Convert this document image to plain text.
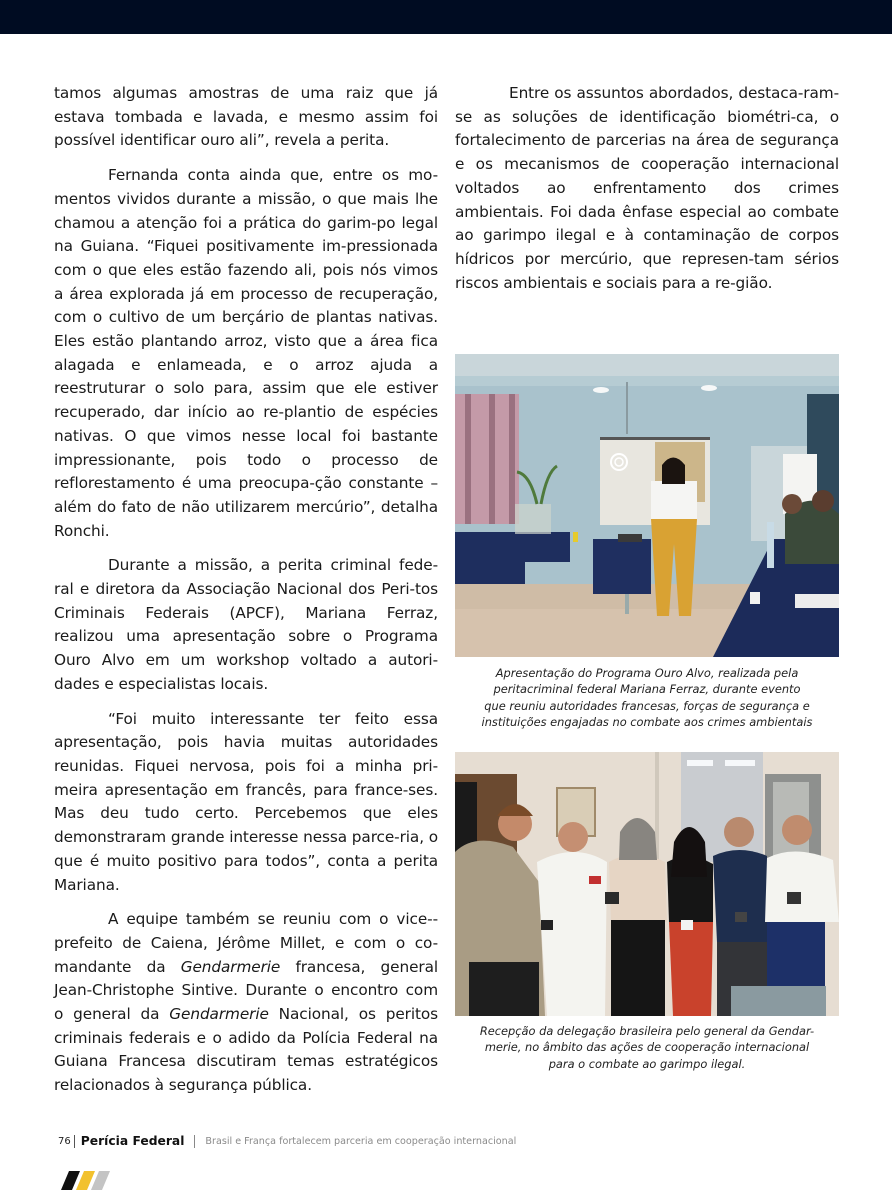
tamos algumas amostras de uma raiz que já estava tombada e lavada, e mesmo assim foi possível identificar ouro ali”, revela a perita.

Fernanda conta ainda que, entre os mo-mentos vividos durante a missão, o que mais lhe chamou a atenção foi a prática do garim-po legal na Guiana. “Fiquei positivamente im-pressionada com o que eles estão fazendo ali, pois nós vimos a área explorada já em processo de recuperação, com o cultivo de um berçário de plantas nativas. Eles estão plantando arroz, visto que a área fica alagada e enlameada, e o arroz ajuda a reestruturar o solo para, assim que ele estiver recuperado, dar início ao re-plantio de espécies nativas. O que vimos nesse local foi bastante impressionante, pois todo o processo de reflorestamento é uma preocupa-ção constante – além do fato de não utilizarem mercúrio”, detalha Ronchi.

Durante a missão, a perita criminal fede-ral e diretora da Associação Nacional dos Peri-tos Criminais Federais (APCF), Mariana Ferraz, realizou uma apresentação sobre o Programa Ouro Alvo em um workshop voltado a autori-dades e especialistas locais.

“Foi muito interessante ter feito essa apresentação, pois havia muitas autoridades reunidas. Fiquei nervosa, pois foi a minha pri-meira apresentação em francês, para france-ses. Mas deu tudo certo. Percebemos que eles demonstraram grande interesse nessa parce-ria, o que é muito positivo para todos”, conta a perita Mariana.

A equipe também se reuniu com o vice--prefeito de Caiena, Jérôme Millet, e com o co-mandante da Gendarmerie francesa, general Jean-Christophe Sintive. Durante o encontro com o general da Gendarmerie Nacional, os peritos criminais federais e o adido da Polícia Federal na Guiana Francesa discutiram temas estratégicos relacionados à segurança pública.

Entre os assuntos abordados, destaca-ram-se as soluções de identificação biométri-ca, o fortalecimento de parcerias na área de segurança e os mecanismos de cooperação internacional voltados ao enfrentamento dos crimes ambientais. Foi dada ênfase especial ao combate ao garimpo ilegal e à contaminação de corpos hídricos por mercúrio, que represen-tam sérios riscos ambientais e sociais para a re-gião.

Apresentação do Programa Ouro Alvo, realizada pela
peritacriminal federal Mariana Ferraz, durante evento
que reuniu autoridades francesas, forças de segurança e
instituições engajadas no combate aos crimes ambientais
Recepção da delegação brasileira pelo general da Gendar-
merie, no âmbito das ações de cooperação internacional
para o combate ao garimpo ilegal.
76 Perícia Federal Brasil e França fortalecem parceria em cooperação internacional
